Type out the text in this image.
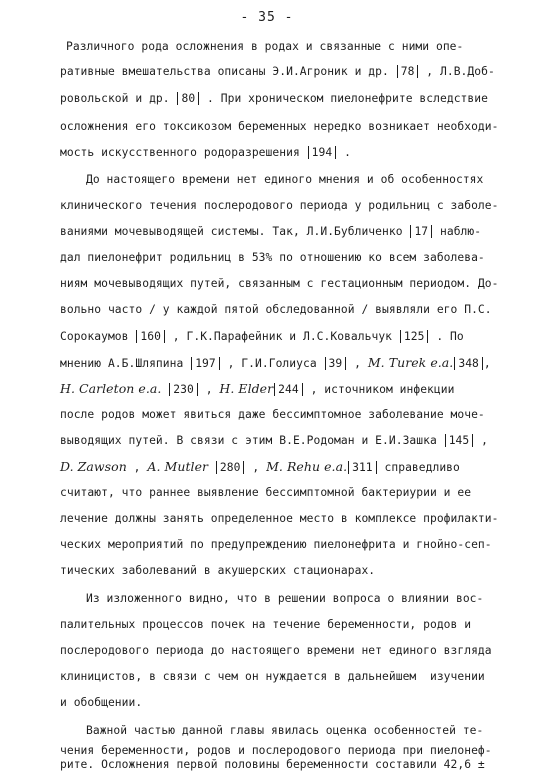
- 35 -
Различного рода осложнения в родах и связанные с ними опе-
ративные вмешательства описаны Э.И.Агроник и др. 78 , Л.В.Доб-
ровольской и др. 80 . При хроническом пиелонефрите вследствие
осложнения его токсикозом беременных нередко возникает необходи-
мость искусственного родоразрешения 194 .
До настоящего времени нет единого мнения и об особенностях
клинического течения послеродового периода у родильниц с заболе-
ваниями мочевыводящей системы. Так, Л.И.Бубличенко 17 наблю-
дал пиелонефрит родильниц в 53% по отношению ко всем заболева-
ниям мочевыводящих путей, связанным с гестационным периодом. До-
вольно часто / у каждой пятой обследованной / выявляли его П.С.
Сорокаумов 160 , Г.К.Парафейник и Л.С.Ковальчук 125 . По
мнению А.Б.Шляпина 197 , Г.И.Голиуса 39 , M. Turek e.a. 348 ,
H. Carleton e.a. 230 , H. Elder 244 , источником инфекции
после родов может явиться даже бессимптомное заболевание моче-
выводящих путей. В связи с этим В.Е.Родоман и Е.И.Зашка 145 ,
D. Zawson , A. Mutler 280 , M. Rehu e.a. 311 справедливо
считают, что раннее выявление бессимптомной бактериурии и ее
лечение должны занять определенное место в комплексе профилакти-
ческих мероприятий по предупреждению пиелонефрита и гнойно-сеп-
тических заболеваний в акушерских стационарах.
Из изложенного видно, что в решении вопроса о влиянии вос-
палительных процессов почек на течение беременности, родов и
послеродового периода до настоящего времени нет единого взгляда
клиницистов, в связи с чем он нуждается в дальнейшем  изучении
и обобщении.
Важной частью данной главы явилась оценка особенностей те-
чения беременности, родов и послеродового периода при пиелонеф-
рите. Осложнения первой половины беременности составили 42,6 ±
